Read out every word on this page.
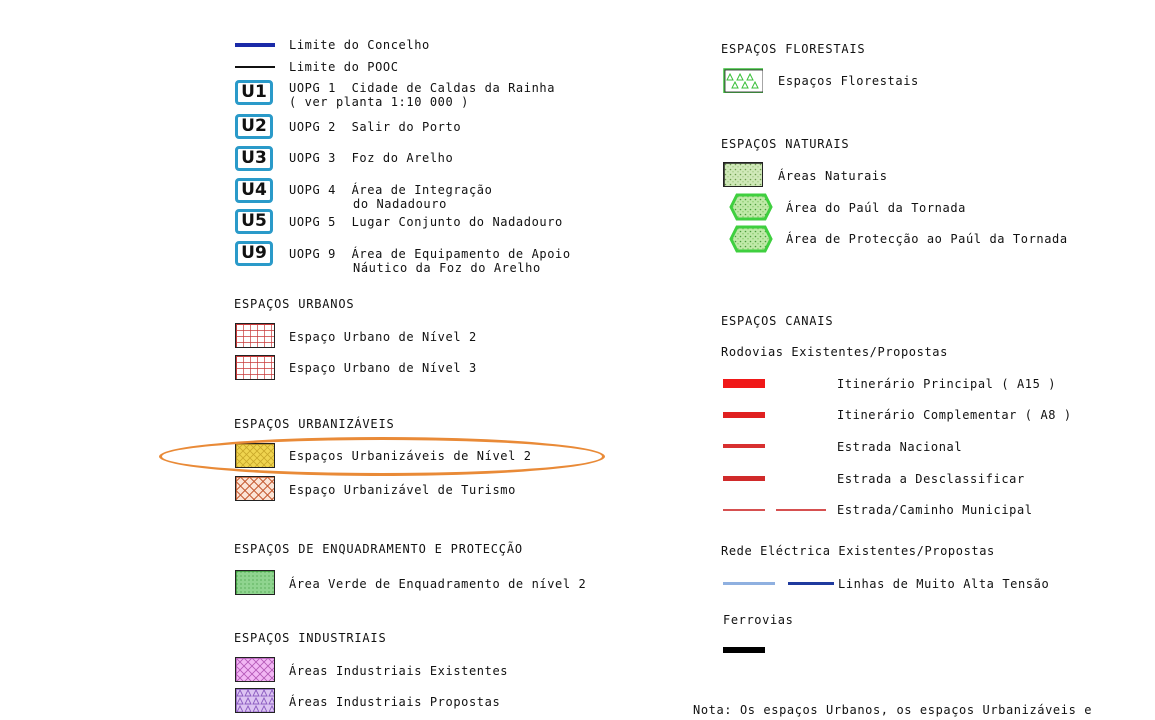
Limite do Concelho
Limite do POOC
U1	UOPG 1  Cidade de Caldas da Rainha
( ver planta 1:10 000 )
U2	UOPG 2  Salir do Porto
U3	UOPG 3  Foz do Arelho
U4	UOPG 4  Área de Integração
do Nadadouro
U5	UOPG 5  Lugar Conjunto do Nadadouro
U9	UOPG 9  Área de Equipamento de Apoio
Náutico da Foz do Arelho
ESPAÇOS URBANOS
Espaço Urbano de Nível 2
Espaço Urbano de Nível 3
ESPAÇOS URBANIZÁVEIS
Espaços Urbanizáveis de Nível 2
Espaço Urbanizável de Turismo
ESPAÇOS DE ENQUADRAMENTO E PROTECÇÃO
Área Verde de Enquadramento de nível 2
ESPAÇOS INDUSTRIAIS
Áreas Industriais Existentes
Áreas Industriais Propostas
ESPAÇOS FLORESTAIS
Espaços Florestais
ESPAÇOS NATURAIS
Áreas Naturais
Área do Paúl da Tornada
Área de Protecção ao Paúl da Tornada
ESPAÇOS CANAIS
Rodovias Existentes/Propostas
Itinerário Principal ( A15 )
Itinerário Complementar ( A8 )
Estrada Nacional
Estrada a Desclassificar
Estrada/Caminho Municipal
Rede Eléctrica Existentes/Propostas
Linhas de Muito Alta Tensão
Ferrovias
Nota: Os espaços Urbanos, os espaços Urbanizáveis e
